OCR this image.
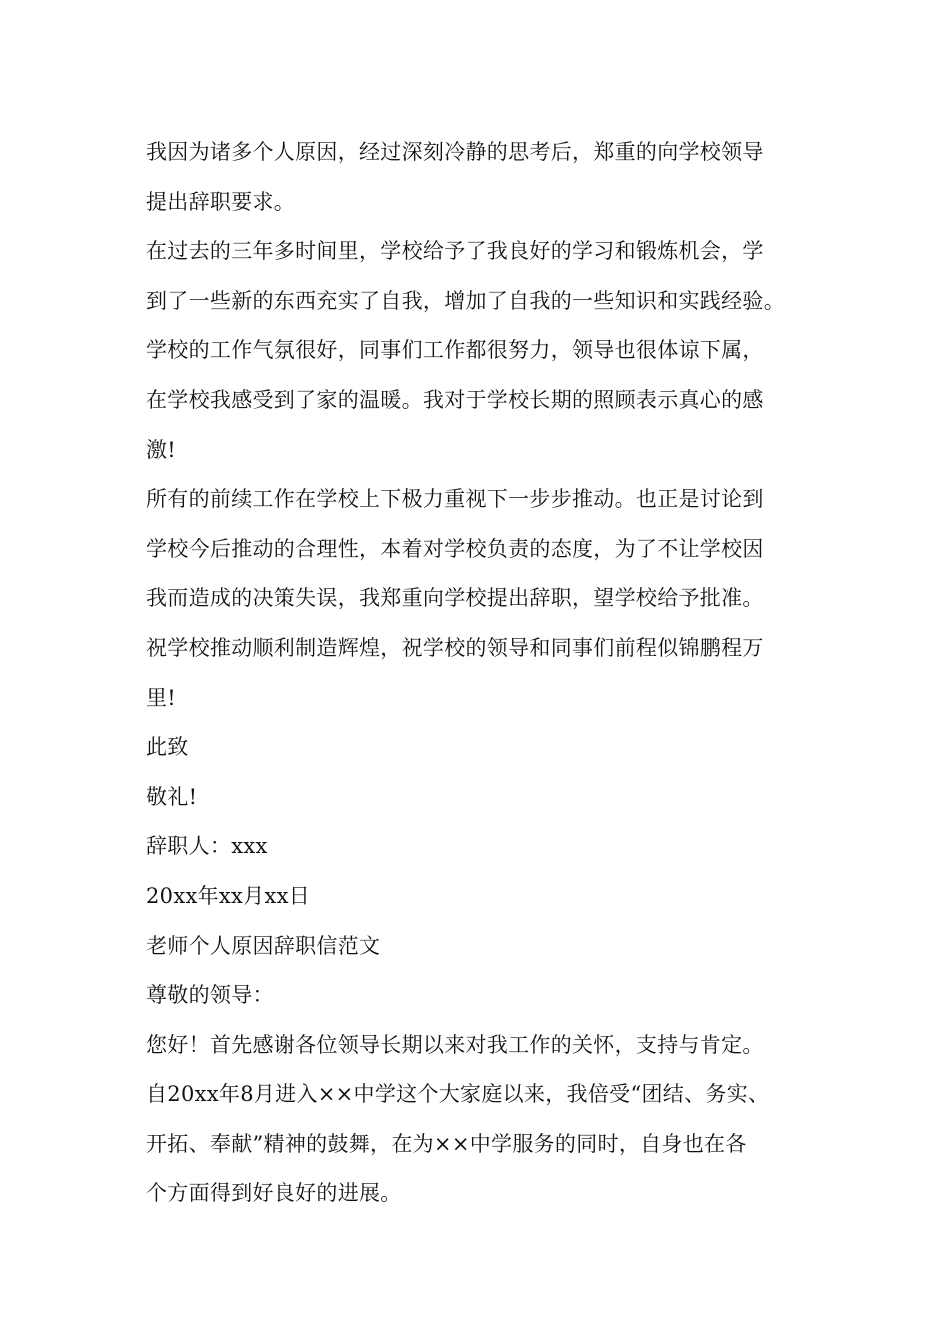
我因为诸多个人原因，经过深刻冷静的思考后，郑重的向学校领导
提出辞职要求。
在过去的三年多时间里，学校给予了我良好的学习和锻炼机会，学
到了一些新的东西充实了自我，增加了自我的一些知识和实践经验。
学校的工作气氛很好，同事们工作都很努力，领导也很体谅下属，
在学校我感受到了家的温暖。我对于学校长期的照顾表示真心的感
激!
所有的前续工作在学校上下极力重视下一步步推动。也正是讨论到
学校今后推动的合理性，本着对学校负责的态度，为了不让学校因
我而造成的决策失误，我郑重向学校提出辞职，望学校给予批准。
祝学校推动顺利制造辉煌，祝学校的领导和同事们前程似锦鹏程万
里!
此致
敬礼!
辞职人：xxx
20xx年xx月xx日
老师个人原因辞职信范文
尊敬的领导：
您好！首先感谢各位领导长期以来对我工作的关怀，支持与肯定。
自20xx年8月进入××中学这个大家庭以来，我倍受“团结、务实、
开拓、奉献”精神的鼓舞，在为××中学服务的同时，自身也在各
个方面得到好良好的进展。
